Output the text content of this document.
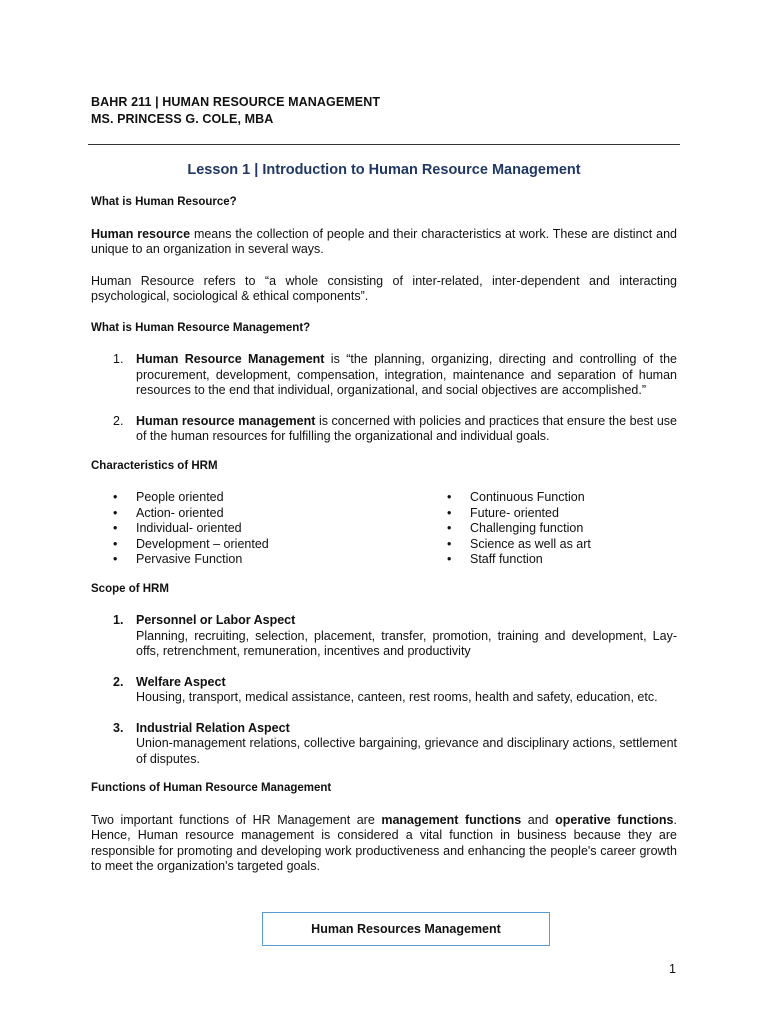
BAHR 211 | HUMAN RESOURCE MANAGEMENT
MS. PRINCESS G. COLE, MBA
Lesson 1 | Introduction to Human Resource Management
What is Human Resource?

Human resource means the collection of people and their characteristics at work. These are distinct and unique to an organization in several ways.

Human Resource refers to “a whole consisting of inter-related, inter-dependent and interacting psychological, sociological & ethical components”.

What is Human Resource Management?
1. Human Resource Management is “the planning, organizing, directing and controlling of the procurement, development, compensation, integration, maintenance and separation of human resources to the end that individual, organizational, and social objectives are accomplished.”
2. Human resource management is concerned with policies and practices that ensure the best use of the human resources for fulfilling the organizational and individual goals.
Characteristics of HRM
• People oriented
• Action- oriented
• Individual- oriented
• Development – oriented
• Pervasive Function
• Continuous Function
• Future- oriented
• Challenging function
• Science as well as art
• Staff function
Scope of HRM
1. Personnel or Labor Aspect
Planning, recruiting, selection, placement, transfer, promotion, training and development, Lay-offs, retrenchment, remuneration, incentives and productivity
2. Welfare Aspect
Housing, transport, medical assistance, canteen, rest rooms, health and safety, education, etc.
3. Industrial Relation Aspect
Union-management relations, collective bargaining, grievance and disciplinary actions, settlement of disputes.
Functions of Human Resource Management

Two important functions of HR Management are management functions and operative functions. Hence, Human resource management is considered a vital function in business because they are responsible for promoting and developing work productiveness and enhancing the people's career growth to meet the organization's targeted goals.

Human Resources Management
1
